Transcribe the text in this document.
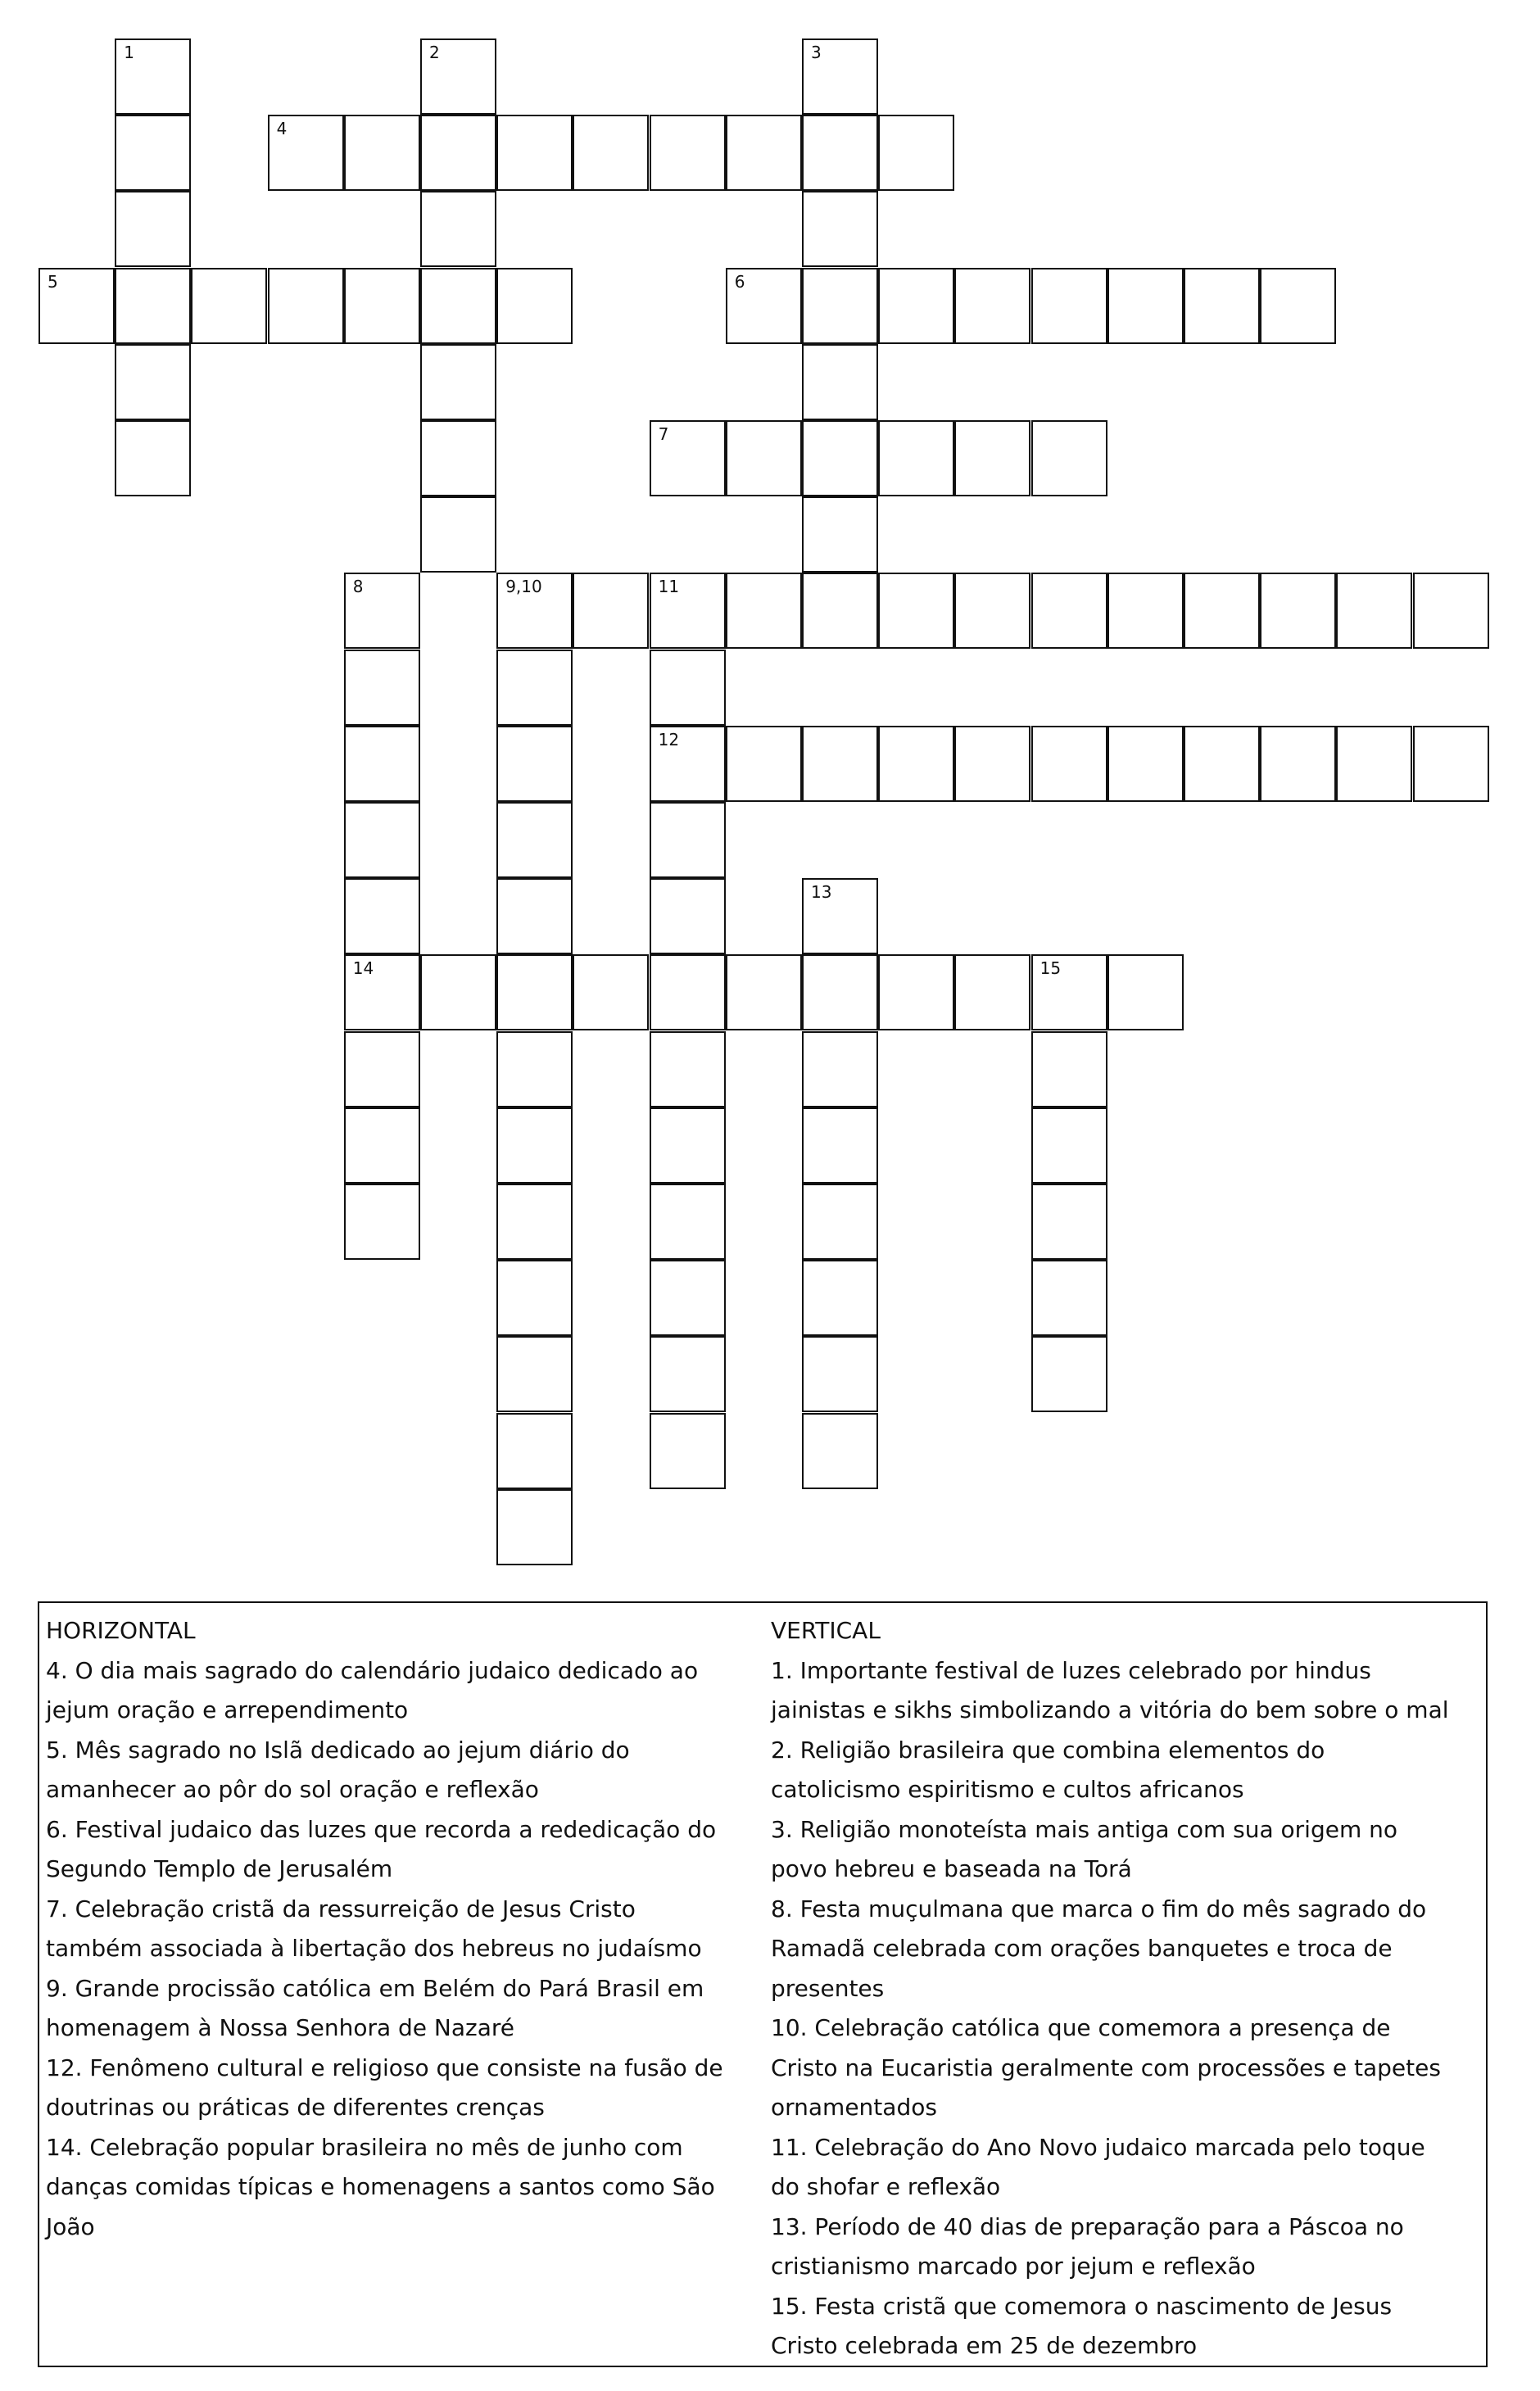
1	2	3
4
5	6
7
8
14
9,10	11
12
13
15
HORIZONTAL
4. O dia mais sagrado do calendário judaico dedicado ao jejum oração e arrependimento
5. Mês sagrado no Islã dedicado ao jejum diário do amanhecer ao pôr do sol oração e reflexão
6. Festival judaico das luzes que recorda a rededicação do Segundo Templo de Jerusalém
7. Celebração cristã da ressurreição de Jesus Cristo também associada à libertação dos hebreus no judaísmo
9. Grande procissão católica em Belém do Pará Brasil em homenagem à Nossa Senhora de Nazaré
12. Fenômeno cultural e religioso que consiste na fusão de doutrinas ou práticas de diferentes crenças
14. Celebração popular brasileira no mês de junho com danças comidas típicas e homenagens a santos como São João
VERTICAL
1. Importante festival de luzes celebrado por hindus jainistas e sikhs simbolizando a vitória do bem sobre o mal
2. Religião brasileira que combina elementos do catolicismo espiritismo e cultos africanos
3. Religião monoteísta mais antiga com sua origem no povo hebreu e baseada na Torá
8. Festa muçulmana que marca o fim do mês sagrado do Ramadã celebrada com orações banquetes e troca de presentes
10. Celebração católica que comemora a presença de Cristo na Eucaristia geralmente com processões e tapetes ornamentados
11. Celebração do Ano Novo judaico marcada pelo toque do shofar e reflexão
13. Período de 40 dias de preparação para a Páscoa no cristianismo marcado por jejum e reflexão
15. Festa cristã que comemora o nascimento de Jesus Cristo celebrada em 25 de dezembro
